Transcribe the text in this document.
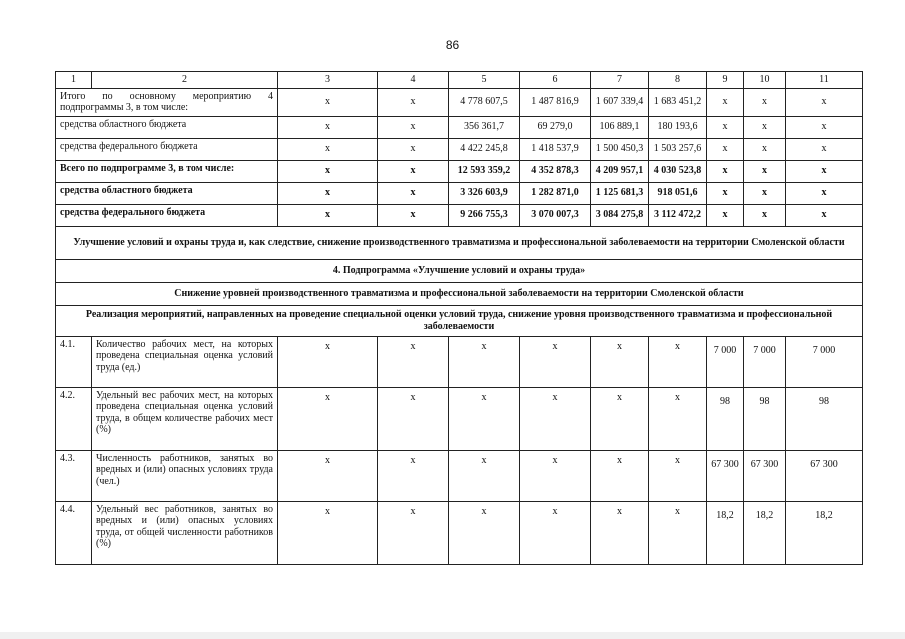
86
1	2	3	4	5	6	7	8	9	10	11
Итого по основному мероприятию 4 подпрограммы 3, в том числе:		x	x	4 778 607,5	1 487 816,9	1 607 339,4	1 683 451,2	x	x	x
средства областного бюджета		x	x	356 361,7	69 279,0	106 889,1	180 193,6	x	x	x
средства федерального бюджета		x	x	4 422 245,8	1 418 537,9	1 500 450,3	1 503 257,6	x	x	x
Всего по подпрограмме 3, в том числе:		x	x	12 593 359,2	4 352 878,3	4 209 957,1	4 030 523,8	x	x	x
средства областного бюджета		x	x	3 326 603,9	1 282 871,0	1 125 681,3	918 051,6	x	x	x
средства федерального бюджета		x	x	9 266 755,3	3 070 007,3	3 084 275,8	3 112 472,2	x	x	x
Улучшение условий и охраны труда и, как следствие, снижение производственного травматизма и профессиональной заболеваемости на территории Смоленской области										
4. Подпрограмма «Улучшение условий и охраны труда»										
Снижение уровней производственного травматизма и профессиональной заболеваемости на территории Смоленской области										
Реализация мероприятий, направленных на проведение специальной оценки условий труда, снижение уровня производственного травматизма и профессиональной заболеваемости										
4.1.	Количество рабочих мест, на которых проведена специальная оценка условий труда (ед.)	x	x	x	x	x	x	7 000	7 000	7 000
4.2.	Удельный вес рабочих мест, на которых проведена специальная оценка условий труда, в общем количестве рабочих мест (%)	x	x	x	x	x	x	98	98	98
4.3.	Численность работников, занятых во вредных и (или) опасных условиях труда (чел.)	x	x	x	x	x	x	67 300	67 300	67 300
4.4.	Удельный вес работников, занятых во вредных и (или) опасных условиях труда, от общей численности работников (%)	x	x	x	x	x	x	18,2	18,2	18,2
